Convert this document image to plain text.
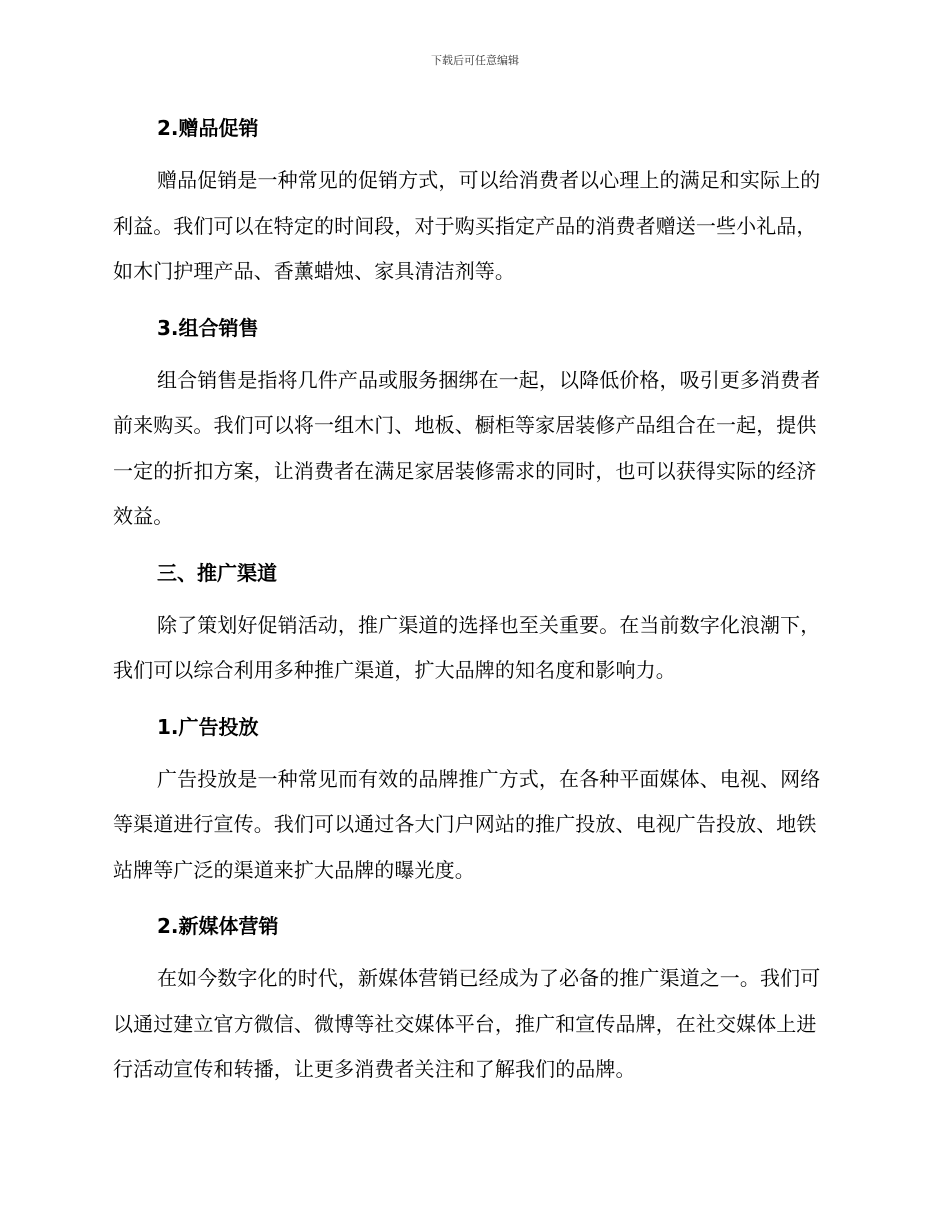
下载后可任意编辑
2.赠品促销

赠品促销是一种常见的促销方式，可以给消费者以心理上的满足和实际上的利益。我们可以在特定的时间段，对于购买指定产品的消费者赠送一些小礼品，如木门护理产品、香薰蜡烛、家具清洁剂等。

3.组合销售

组合销售是指将几件产品或服务捆绑在一起，以降低价格，吸引更多消费者前来购买。我们可以将一组木门、地板、橱柜等家居装修产品组合在一起，提供一定的折扣方案，让消费者在满足家居装修需求的同时，也可以获得实际的经济效益。

三、推广渠道

除了策划好促销活动，推广渠道的选择也至关重要。在当前数字化浪潮下，我们可以综合利用多种推广渠道，扩大品牌的知名度和影响力。

1.广告投放

广告投放是一种常见而有效的品牌推广方式，在各种平面媒体、电视、网络等渠道进行宣传。我们可以通过各大门户网站的推广投放、电视广告投放、地铁站牌等广泛的渠道来扩大品牌的曝光度。

2.新媒体营销

在如今数字化的时代，新媒体营销已经成为了必备的推广渠道之一。我们可以通过建立官方微信、微博等社交媒体平台，推广和宣传品牌，在社交媒体上进行活动宣传和转播，让更多消费者关注和了解我们的品牌。
